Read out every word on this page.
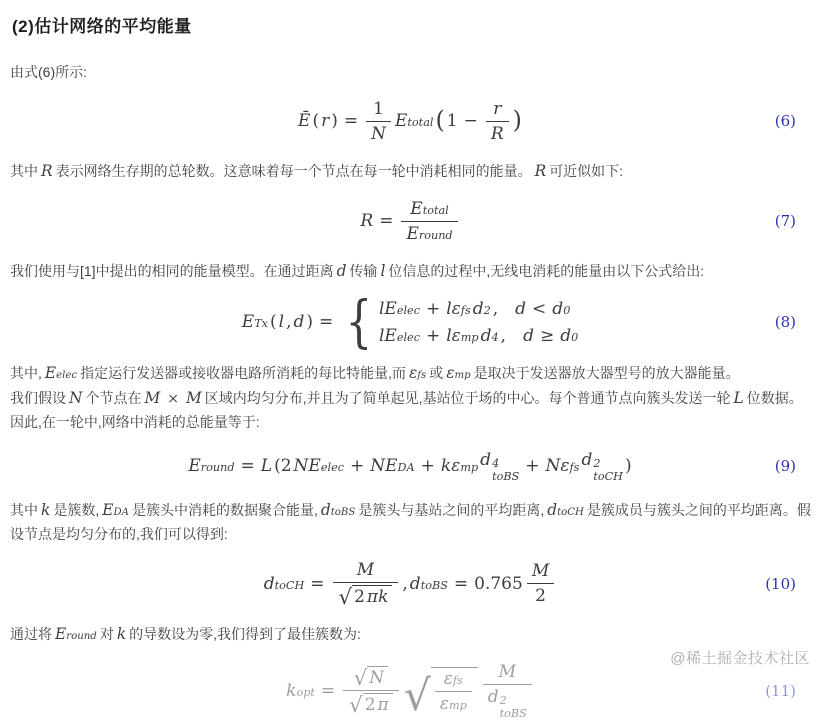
(2)估计网络的平均能量
由式(6)所示:
Ē ( r ) = $\frac{1}{N}$ E total ( $1 - \frac{r}{R}$ )	(6)
其中 R 表示网络生存期的总轮数。这意味着每一个节点在每一轮中消耗相同的能量。 R 可近似如下:
R =
E total
E round
(7)
我们使用与[1]中提出的相同的能量模型。在通过距离 d 传输 l 位信息的过程中,无线电消耗的能量由以下公式给出:
E Tx ( l , d ) = { lE elec + lε fs d 2 , d < d 0
lE elec + lε mp d 4 , d ≥ d 0
(8)
其中, E elec 指定运行发送器或接收器电路所消耗的每比特能量,而 ε fs 或 ε mp 是取决于发送器放大器型号的放大器能量。
我们假设 N 个节点在 M × M 区域内均匀分布,并且为了简单起见,基站位于场的中心。每个普通节点向簇头发送一轮 L 位数据。因此,在一轮中,网络中消耗的总能量等于:
E round = L (2 NE elec + NE DA + kε mp d 4
toBS
+ Nε fs d 2
toCH
)	(9)
其中 k 是簇数, E DA 是簇头中消耗的数据聚合能量, d toBS 是簇头与基站之间的平均距离, d toCH 是簇成员与簇头之间的平均距离。假设节点是均匀分布的,我们可以得到:
d toCH = $\frac{M}{√ 2 \pi k}$ , d toBS = $0.765 \frac{M}{2}$	(10)
通过将 E round 对 k 的导数设为零,我们得到了最佳簇数为:
k opt = $\frac{√ N}{√ 2 \pi}$ √ ε fs
ε mp
M
d 2
toBS
(11)
@稀土掘金技术社区
